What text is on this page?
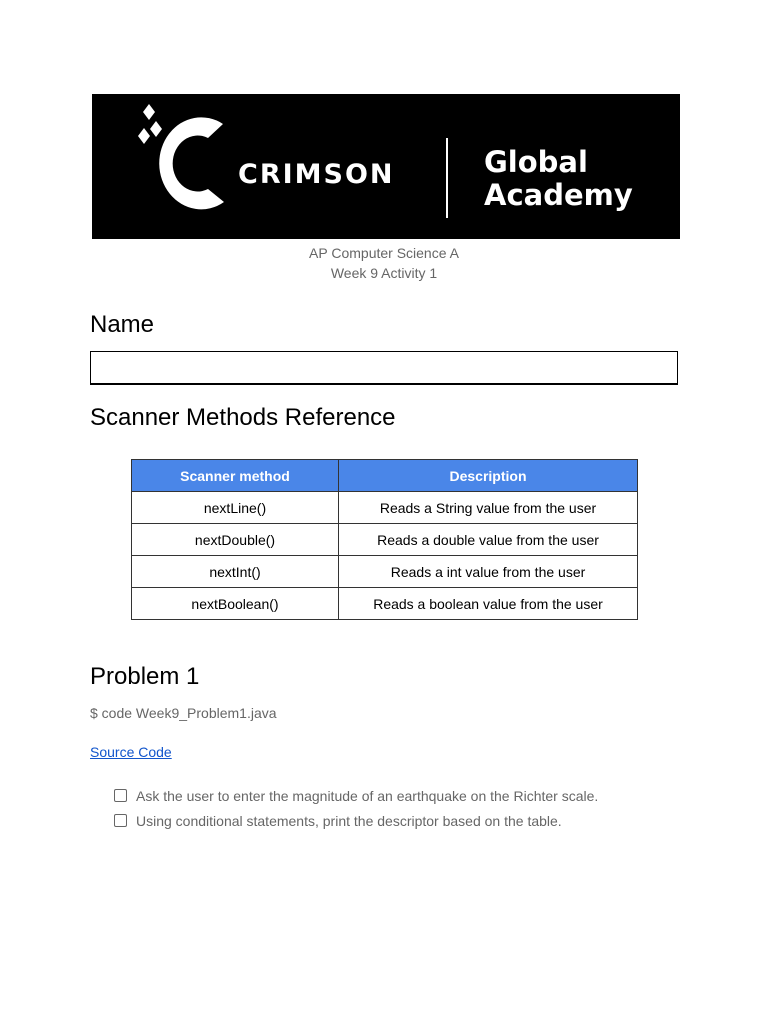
CRIMSON	Global
Academy
AP Computer Science A
Week 9 Activity 1
Name
Scanner Methods Reference
Scanner method	Description
nextLine()	Reads a String value from the user
nextDouble()	Reads a double value from the user
nextInt()	Reads a int value from the user
nextBoolean()	Reads a boolean value from the user
Problem 1
$ code Week9_Problem1.java
Source Code
Ask the user to enter the magnitude of an earthquake on the Richter scale.
Using conditional statements, print the descriptor based on the table.
